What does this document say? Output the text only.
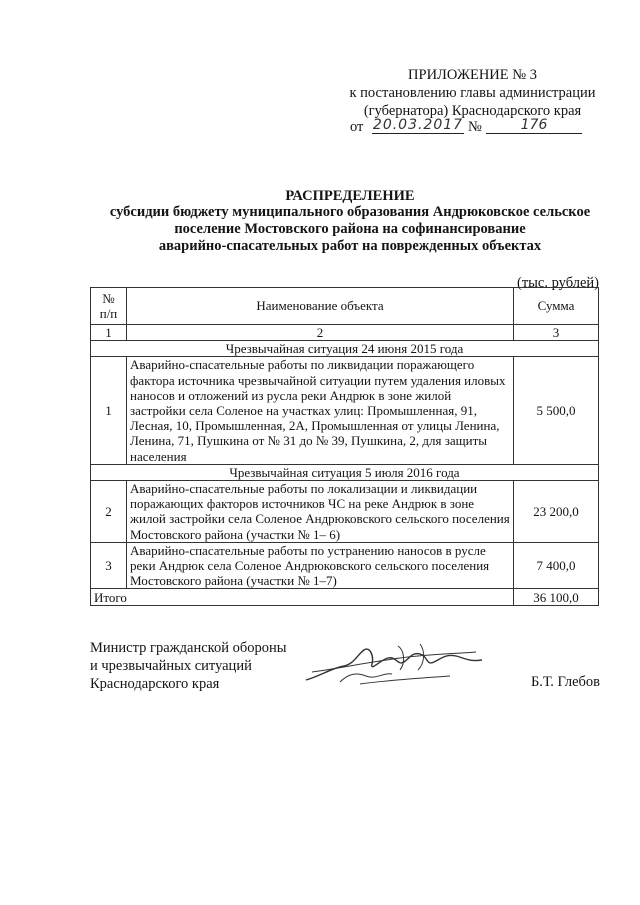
ПРИЛОЖЕНИЕ № 3
к постановлению главы администрации
(губернатора) Краснодарского края
от 20.03.2017 №	176
РАСПРЕДЕЛЕНИЕ
субсидии бюджету муниципального образования Андрюковское сельское
поселение Мостовского района на софинансирование
аварийно-спасательных работ на поврежденных объектах
(тыс. рублей)
№
п/п	Наименование объекта	Сумма
1	2	3
Чрезвычайная ситуация 24 июня 2015 года		
1	Аварийно-спасательные работы по ликвидации поражающего фактора источника чрезвычайной ситуации путем удаления иловых наносов и отложений из русла реки Андрюк в зоне жилой застройки села Соленое на участках улиц: Промышленная, 91, Лесная, 10, Промышленная, 2А, Промышленная от улицы Ленина, Ленина, 71, Пушкина от № 31 до № 39, Пушкина, 2, для защиты населения	5 500,0
Чрезвычайная ситуация 5 июля 2016 года		
2	Аварийно-спасательные работы по локализации и ликвидации поражающих факторов источников ЧС на реке Андрюк в зоне жилой застройки села Соленое Андрюковского сельского поселения Мостовского района (участки № 1– 6)	23 200,0
3	Аварийно-спасательные работы по устранению наносов в русле реки Андрюк села Соленое Андрюковского сельского поселения Мостовского района (участки № 1–7)	7 400,0
Итого		36 100,0
Министр гражданской обороны
и чрезвычайных ситуаций
Краснодарского края	Б.Т. Глебов
